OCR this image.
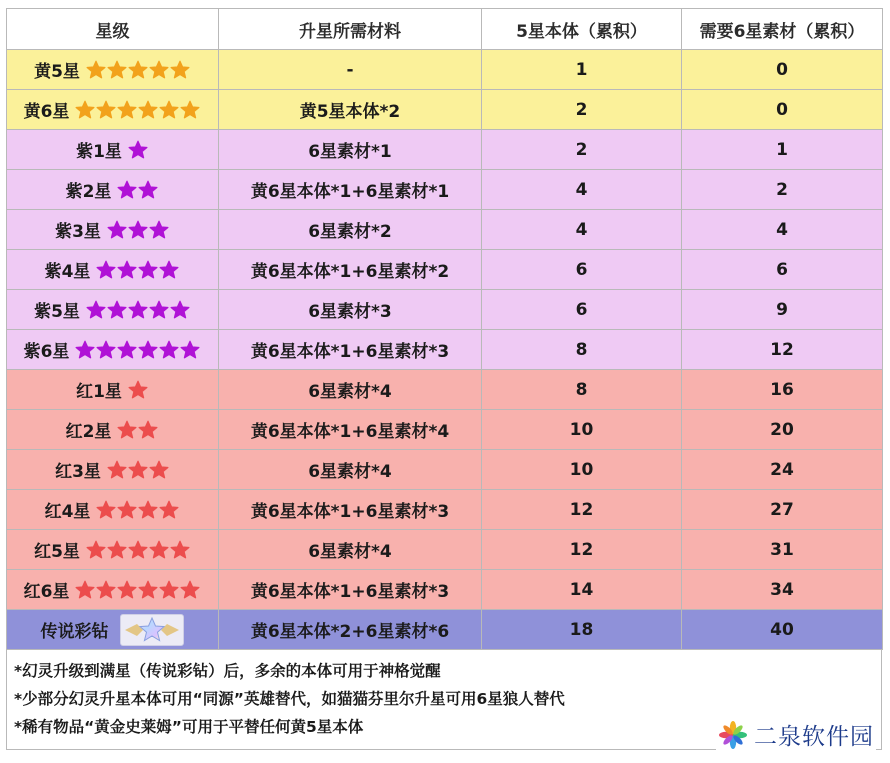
星级	升星所需材料	5星本体（累积）	需要6星素材（累积）
黄5星	-	1	0
黄6星	黄5星本体*2	2	0
紫1星	6星素材*1	2	1
紫2星	黄6星本体*1+6星素材*1	4	2
紫3星	6星素材*2	4	4
紫4星	黄6星本体*1+6星素材*2	6	6
紫5星	6星素材*3	6	9
紫6星	黄6星本体*1+6星素材*3	8	12
红1星	6星素材*4	8	16
红2星	黄6星本体*1+6星素材*4	10	20
红3星	6星素材*4	10	24
红4星	黄6星本体*1+6星素材*3	12	27
红5星	6星素材*4	12	31
红6星	黄6星本体*1+6星素材*3	14	34
传说彩钻	黄6星本体*2+6星素材*6	18	40
*幻灵升级到满星（传说彩钻）后，多余的本体可用于神格觉醒
*少部分幻灵升星本体可用“同源”英雄替代，如猫猫芬里尔升星可用6星狼人替代
*稀有物品“黄金史莱姆”可用于平替任何黄5星本体	二泉软件园
